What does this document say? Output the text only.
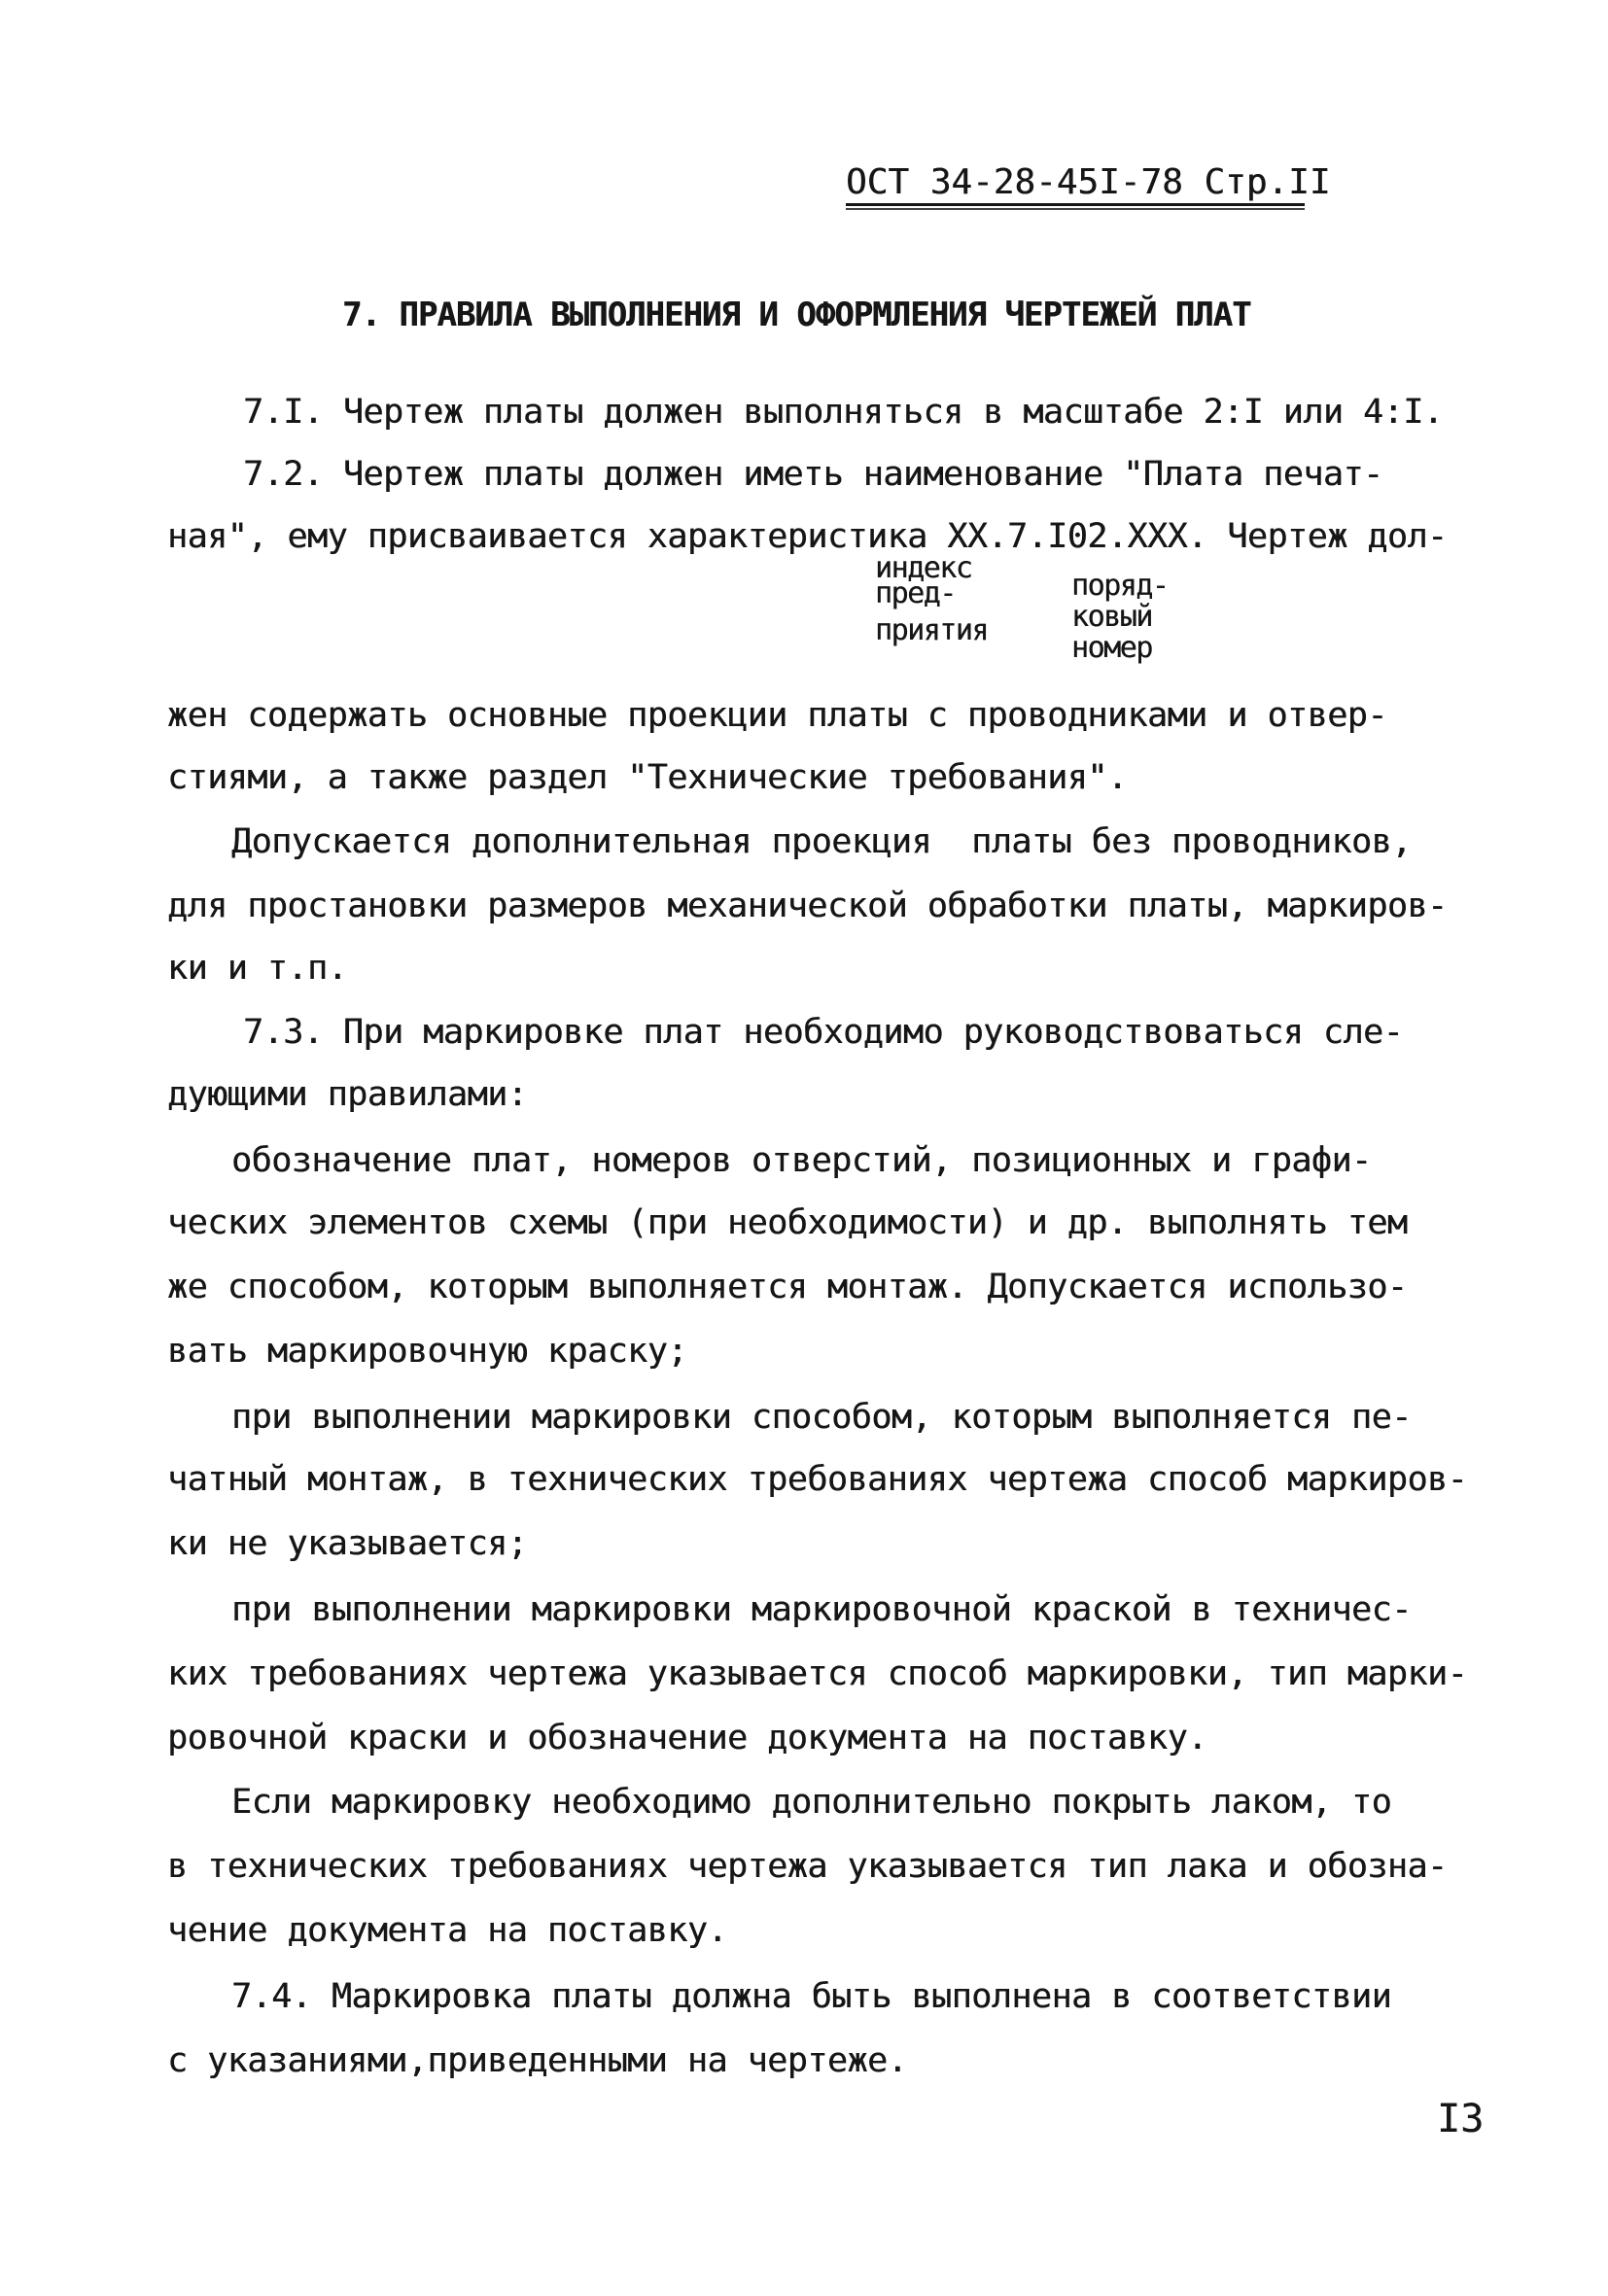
ОСТ 34-28-45I-78 Стр.II
7. ПРАВИЛА ВЫПОЛНЕНИЯ И ОФОРМЛЕНИЯ ЧЕРТЕЖЕЙ ПЛАТ
7.I. Чертеж платы должен выполняться в масштабе 2:I или 4:I.
7.2. Чертеж платы должен иметь наименование "Плата печат-
ная", ему присваивается характеристика XX.7.I02.XXX. Чертеж дол-
индекс
пред-
приятия
поряд-
ковый
номер
жен содержать основные проекции платы с проводниками и отвер-
стиями, а также раздел "Технические требования".
Допускается дополнительная проекция  платы без проводников,
для простановки размеров механической обработки платы, маркиров-
ки и т.п.
7.3. При маркировке плат необходимо руководствоваться сле-
дующими правилами:
обозначение плат, номеров отверстий, позиционных и графи-
ческих элементов схемы (при необходимости) и др. выполнять тем
же способом, которым выполняется монтаж. Допускается использо-
вать маркировочную краску;
при выполнении маркировки способом, которым выполняется пе-
чатный монтаж, в технических требованиях чертежа способ маркиров-
ки не указывается;
при выполнении маркировки маркировочной краской в техничес-
ких требованиях чертежа указывается способ маркировки, тип марки-
ровочной краски и обозначение документа на поставку.
Если маркировку необходимо дополнительно покрыть лаком, то
в технических требованиях чертежа указывается тип лака и обозна-
чение документа на поставку.
7.4. Маркировка платы должна быть выполнена в соответствии
с указаниями,приведенными на чертеже.
I3
